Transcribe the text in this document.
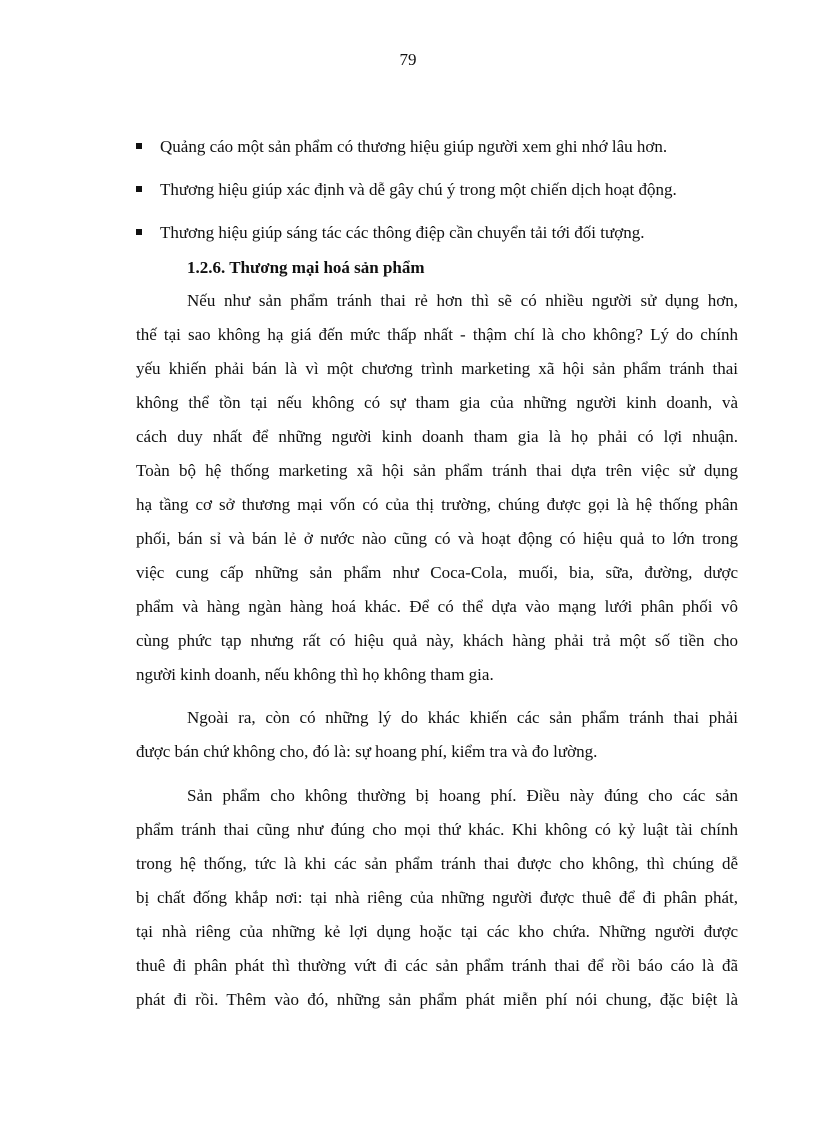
79
Quảng cáo một sản phẩm có thương hiệu giúp người xem ghi nhớ lâu hơn.
Thương hiệu giúp xác định và dễ gây chú ý trong một chiến dịch hoạt động.
Thương hiệu giúp sáng tác các thông điệp cần chuyển tải tới đối tượng.
1.2.6. Thương mại hoá sản phẩm

Nếu như sản phẩm tránh thai rẻ hơn thì sẽ có nhiều người sử dụng hơn,
thế tại sao không hạ giá đến mức thấp nhất - thậm chí là cho không? Lý do chính
yếu khiến phải bán là vì một chương trình marketing xã hội sản phẩm tránh thai
không thể tồn tại nếu không có sự tham gia của những người kinh doanh, và
cách duy nhất để những người kinh doanh tham gia là họ phải có lợi nhuận.
Toàn bộ hệ thống marketing xã hội sản phẩm tránh thai dựa trên việc sử dụng
hạ tầng cơ sở thương mại vốn có của thị trường, chúng được gọi là hệ thống phân
phối, bán sỉ và bán lẻ ở nước nào cũng có và hoạt động có hiệu quả to lớn trong
việc cung cấp những sản phẩm như Coca-Cola, muối, bia, sữa, đường, dược
phẩm và hàng ngàn hàng hoá khác. Để có thể dựa vào mạng lưới phân phối vô
cùng phức tạp nhưng rất có hiệu quả này, khách hàng phải trả một số tiền cho
người kinh doanh, nếu không thì họ không tham gia.

Ngoài ra, còn có những lý do khác khiến các sản phẩm tránh thai phải
được bán chứ không cho, đó là: sự hoang phí, kiểm tra và đo lường.

Sản phẩm cho không thường bị hoang phí. Điều này đúng cho các sản
phẩm tránh thai cũng như đúng cho mọi thứ khác. Khi không có kỷ luật tài chính
trong hệ thống, tức là khi các sản phẩm tránh thai được cho không, thì chúng dễ
bị chất đống khắp nơi: tại nhà riêng của những người được thuê để đi phân phát,
tại nhà riêng của những kẻ lợi dụng hoặc tại các kho chứa. Những người được
thuê đi phân phát thì thường vứt đi các sản phẩm tránh thai để rồi báo cáo là đã
phát đi rồi. Thêm vào đó, những sản phẩm phát miễn phí nói chung, đặc biệt là
